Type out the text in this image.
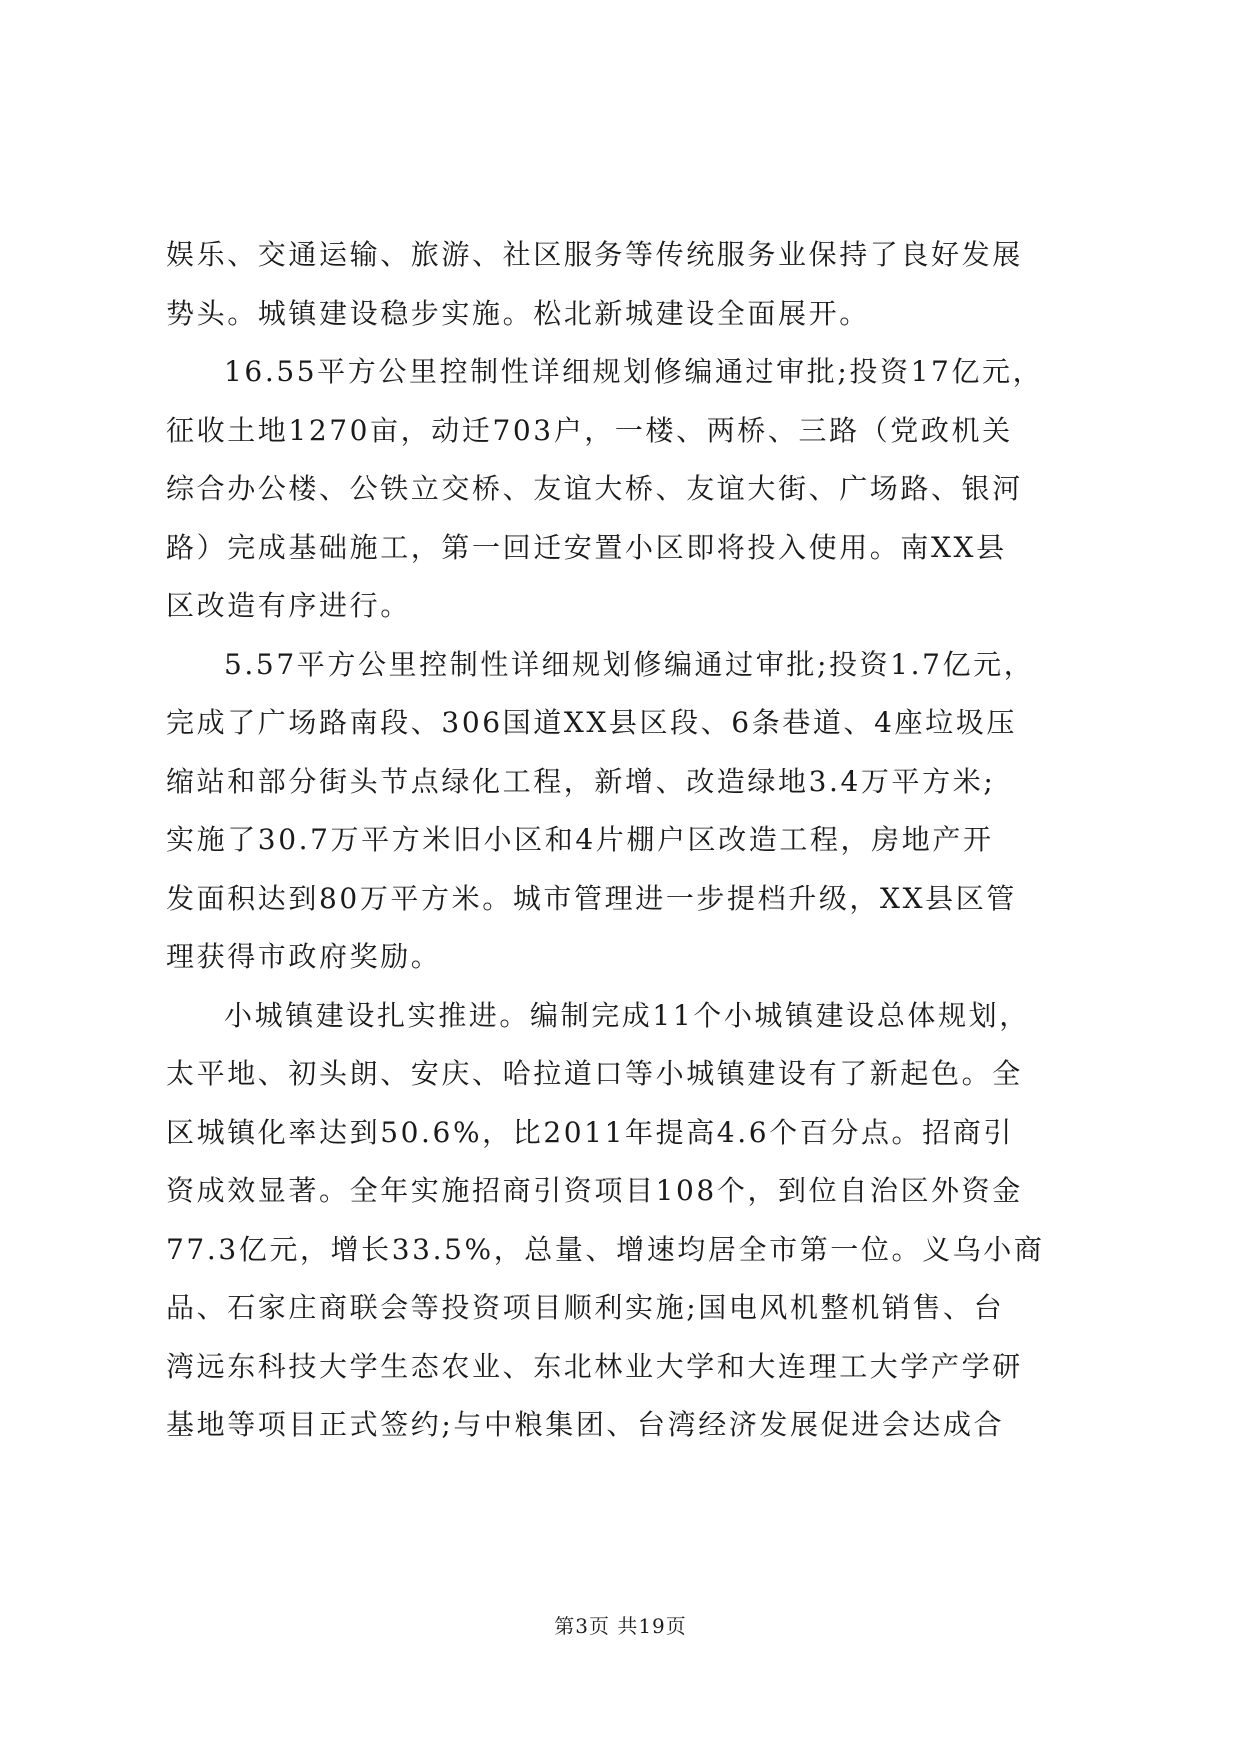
娱乐、交通运输、旅游、社区服务等传统服务业保持了良好发展
势头。城镇建设稳步实施。松北新城建设全面展开。
16.55平方公里控制性详细规划修编通过审批;投资17亿元，
征收土地1270亩，动迁703户，一楼、两桥、三路（党政机关
综合办公楼、公铁立交桥、友谊大桥、友谊大街、广场路、银河
路）完成基础施工，第一回迁安置小区即将投入使用。南XX县
区改造有序进行。
5.57平方公里控制性详细规划修编通过审批;投资1.7亿元，
完成了广场路南段、306国道XX县区段、6条巷道、4座垃圾压
缩站和部分街头节点绿化工程，新增、改造绿地3.4万平方米;
实施了30.7万平方米旧小区和4片棚户区改造工程，房地产开
发面积达到80万平方米。城市管理进一步提档升级，XX县区管
理获得市政府奖励。
小城镇建设扎实推进。编制完成11个小城镇建设总体规划，
太平地、初头朗、安庆、哈拉道口等小城镇建设有了新起色。全
区城镇化率达到50.6%，比2011年提高4.6个百分点。招商引
资成效显著。全年实施招商引资项目108个，到位自治区外资金
77.3亿元，增长33.5%，总量、增速均居全市第一位。义乌小商
品、石家庄商联会等投资项目顺利实施;国电风机整机销售、台
湾远东科技大学生态农业、东北林业大学和大连理工大学产学研
基地等项目正式签约;与中粮集团、台湾经济发展促进会达成合
第3页 共19页
